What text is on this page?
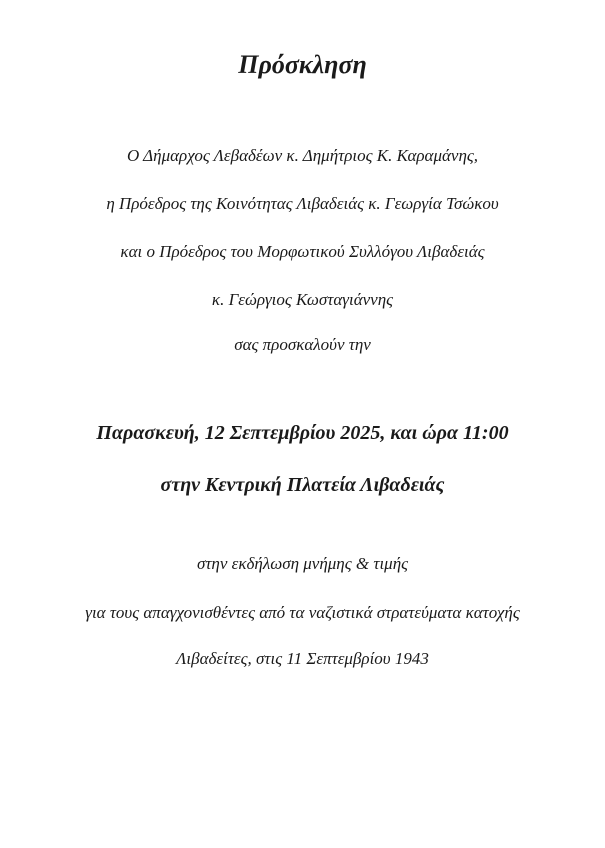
Πρόσκληση
Ο Δήμαρχος Λεβαδέων κ. Δημήτριος Κ. Καραμάνης,
η Πρόεδρος της Κοινότητας Λιβαδειάς κ. Γεωργία Τσώκου
και ο Πρόεδρος του Μορφωτικού Συλλόγου Λιβαδειάς
κ. Γεώργιος Κωσταγιάννης
σας προσκαλούν την
Παρασκευή, 12 Σεπτεμβρίου 2025, και ώρα 11:00
στην Κεντρική Πλατεία Λιβαδειάς
στην εκδήλωση μνήμης & τιμής
για τους απαγχονισθέντες από τα ναζιστικά στρατεύματα κατοχής
Λιβαδείτες, στις 11 Σεπτεμβρίου 1943
